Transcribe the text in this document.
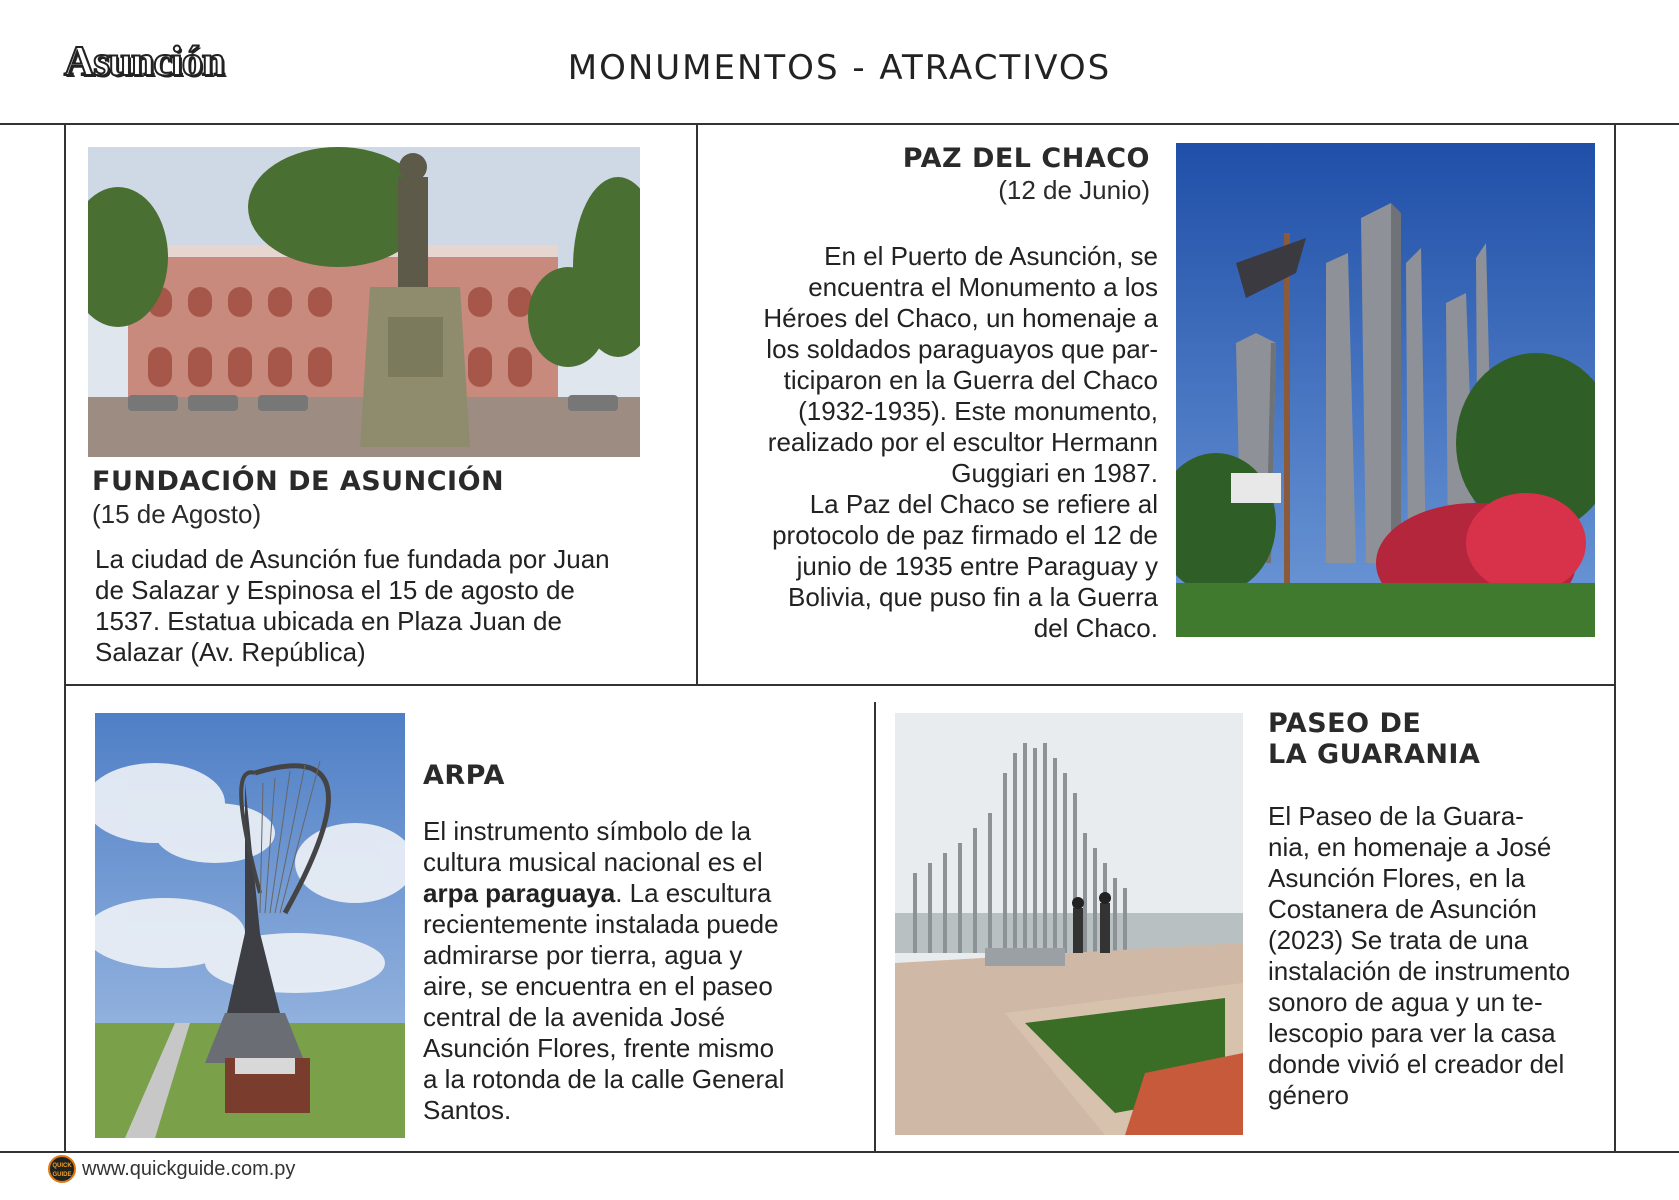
Asunción	MONUMENTOS - ATRACTIVOS
FUNDACIÓN DE ASUNCIÓN
(15 de Agosto)
La ciudad de Asunción fue fundada por Juan
de Salazar y Espinosa el 15 de agosto de
1537. Estatua ubicada en Plaza Juan de
Salazar (Av. República)
PAZ DEL CHACO
(12 de Junio)
En el Puerto de Asunción, se
encuentra el Monumento a los
Héroes del Chaco, un homenaje a
los soldados paraguayos que par-
ticiparon en la Guerra del Chaco
(1932-1935). Este monumento,
realizado por el escultor Hermann
Guggiari en 1987.
La Paz del Chaco se refiere al
protocolo de paz firmado el 12 de
junio de 1935 entre Paraguay y
Bolivia, que puso fin a la Guerra
del Chaco.
ARPA
El instrumento símbolo de la
cultura musical nacional es el
arpa paraguaya. La escultura
recientemente instalada puede
admirarse por tierra, agua y
aire, se encuentra en el paseo
central de la avenida José
Asunción Flores, frente mismo
a la rotonda de la calle General
Santos.
PASEO DE
LA GUARANIA
El Paseo de la Guara-
nia, en homenaje a José
Asunción Flores, en la
Costanera de Asunción
(2023) Se trata de una
instalación de instrumento
sonoro de agua y un te-
lescopio para ver la casa
donde vivió el creador del
género
QUICK GUIDE www.quickguide.com.py
